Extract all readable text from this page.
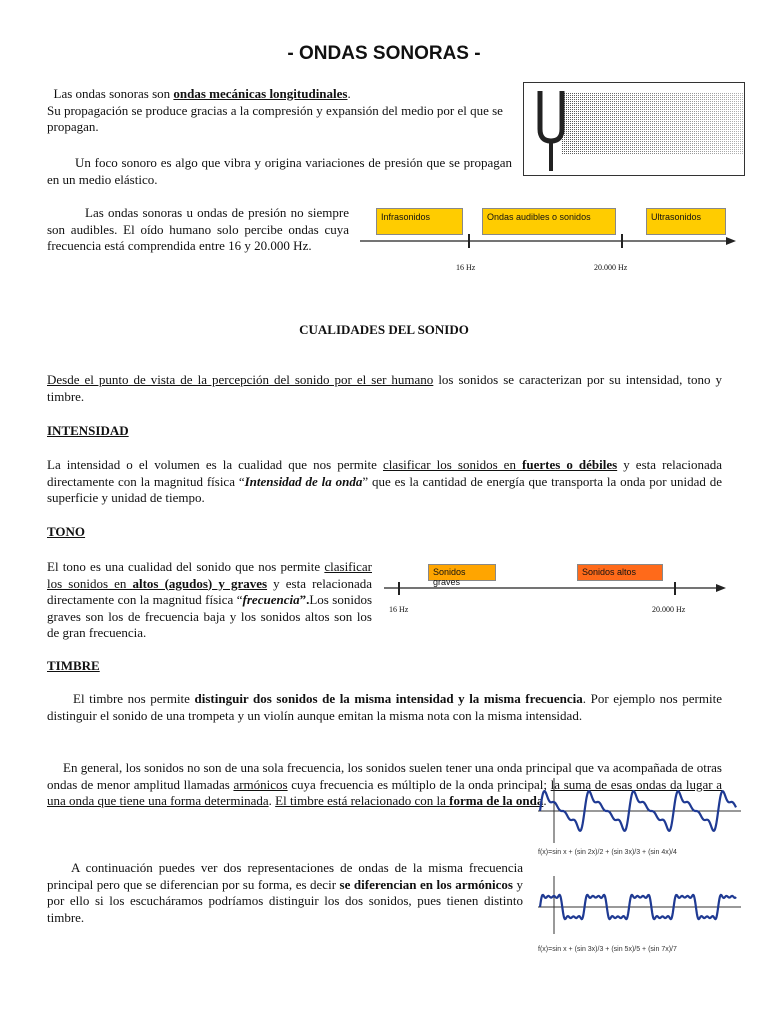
- ONDAS SONORAS -

Las ondas sonoras son ondas mecánicas longitudinales.
Su propagación se produce gracias a la compresión y expansión del medio por el que se propagan.

Un foco sonoro es algo que vibra y origina variaciones de presión que se propagan en un medio elástico.

Las ondas sonoras u ondas de presión no siempre son audibles. El oído humano solo percibe ondas cuya frecuencia está comprendida entre 16 y 20.000 Hz.

Infrasonidos	Ondas audibles o sonidos	Ultrasonidos
16 Hz	20.000 Hz
CUALIDADES DEL SONIDO

Desde el punto de vista de la percepción del sonido por el ser humano los sonidos se caracterizan por su intensidad, tono y timbre.

INTENSIDAD

La intensidad o el volumen es la cualidad que nos permite clasificar los sonidos en fuertes o débiles y esta relacionada directamente con la magnitud física “Intensidad de la onda” que es la cantidad de energía que transporta la onda por unidad de superficie y unidad de tiempo.

TONO

El tono es una cualidad del sonido que nos permite clasificar los sonidos en altos (agudos) y graves y esta relacionada directamente con la magnitud física “frecuencia”.Los sonidos graves son los de frecuencia baja y los sonidos altos son los de gran frecuencia.

Sonidos graves
Sonidos altos
16 Hz	20.000 Hz
TIMBRE

El timbre nos permite distinguir dos sonidos de la misma intensidad y la misma frecuencia. Por ejemplo nos permite distinguir el sonido de una trompeta y un violín aunque emitan la misma nota con la misma intensidad.

En general, los sonidos no son de una sola frecuencia, los sonidos suelen tener una onda principal que va acompañada de otras ondas de menor amplitud llamadas armónicos cuya frecuencia es múltiplo de la onda principal; la suma de esas ondas da lugar a una onda que tiene una forma determinada. El timbre está relacionado con la forma de la onda.

A continuación puedes ver dos representaciones de ondas de la misma frecuencia principal pero que se diferencian por su forma, es decir se diferencian en los armónicos y por ello si los escucháramos podríamos distinguir los dos sonidos, pues tienen distinto timbre.

f(x)=sin x + (sin 2x)/2 + (sin 3x)/3 + (sin 4x)/4
f(x)=sin x + (sin 3x)/3 + (sin 5x)/5 + (sin 7x)/7
